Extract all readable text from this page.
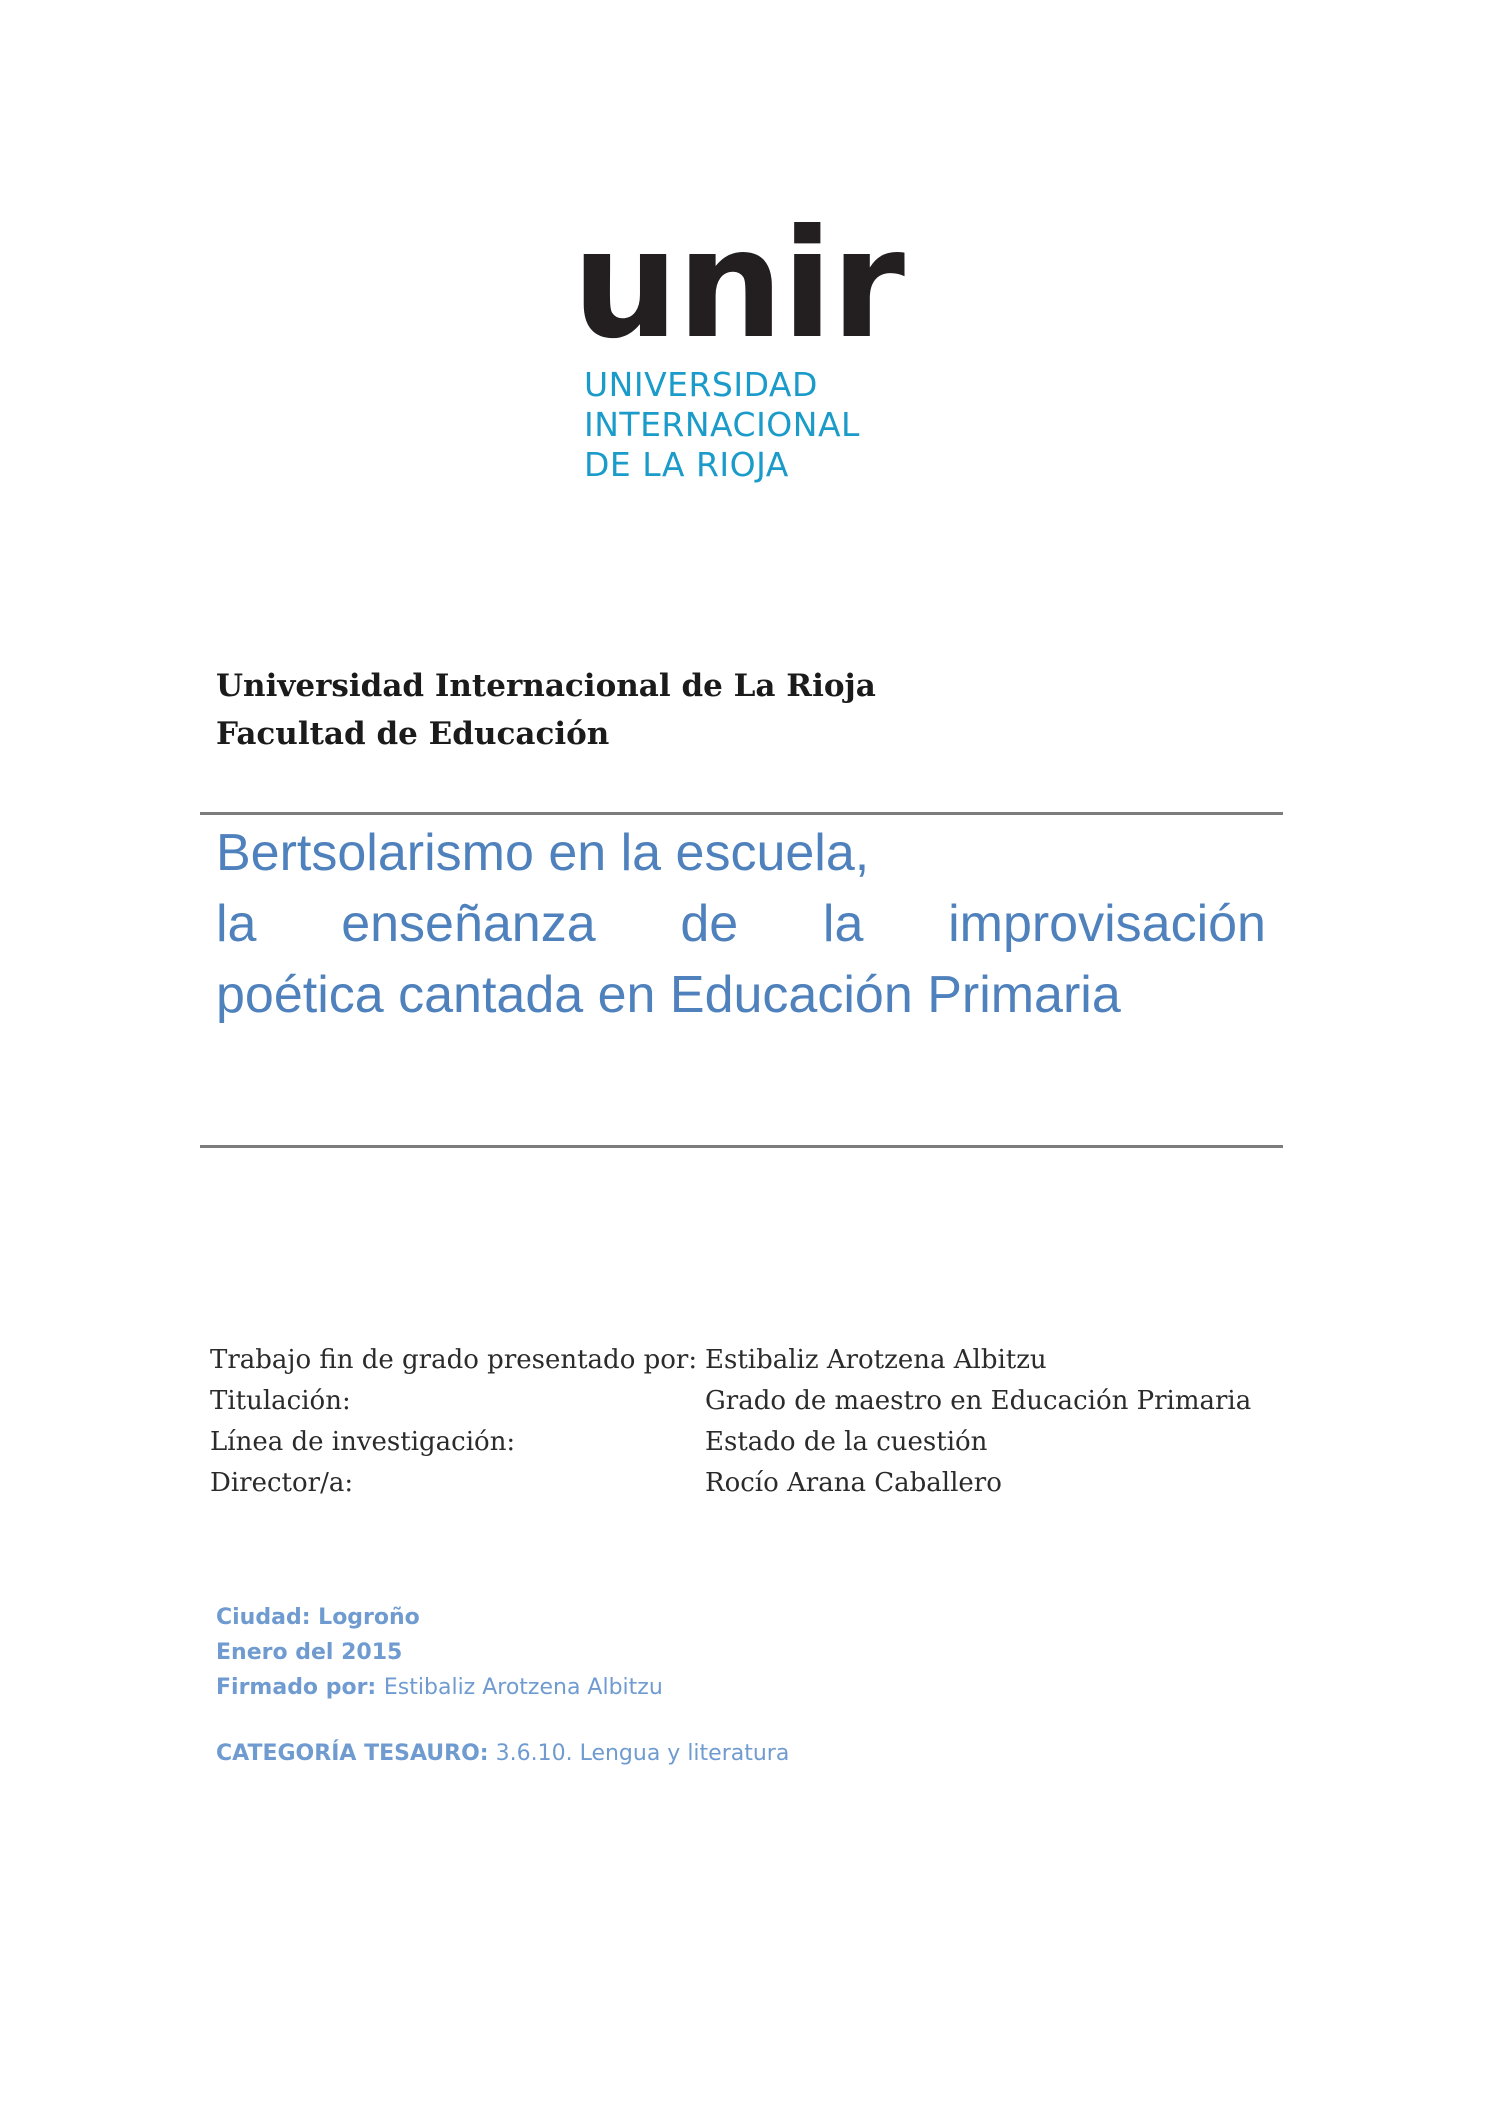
unir
UNIVERSIDAD
INTERNACIONAL
DE LA RIOJA
Universidad Internacional de La Rioja
Facultad de Educación
Bertsolarismo en la escuela,
la enseñanza de la improvisación
poética cantada en Educación Primaria
Trabajo fin de grado presentado por: Estibaliz Arotzena Albitzu
Titulación:	Grado de maestro en Educación Primaria
Línea de investigación:	Estado de la cuestión
Director/a:	Rocío Arana Caballero
Ciudad: Logroño
Enero del 2015
Firmado por: Estibaliz Arotzena Albitzu
CATEGORÍA TESAURO: 3.6.10. Lengua y literatura
